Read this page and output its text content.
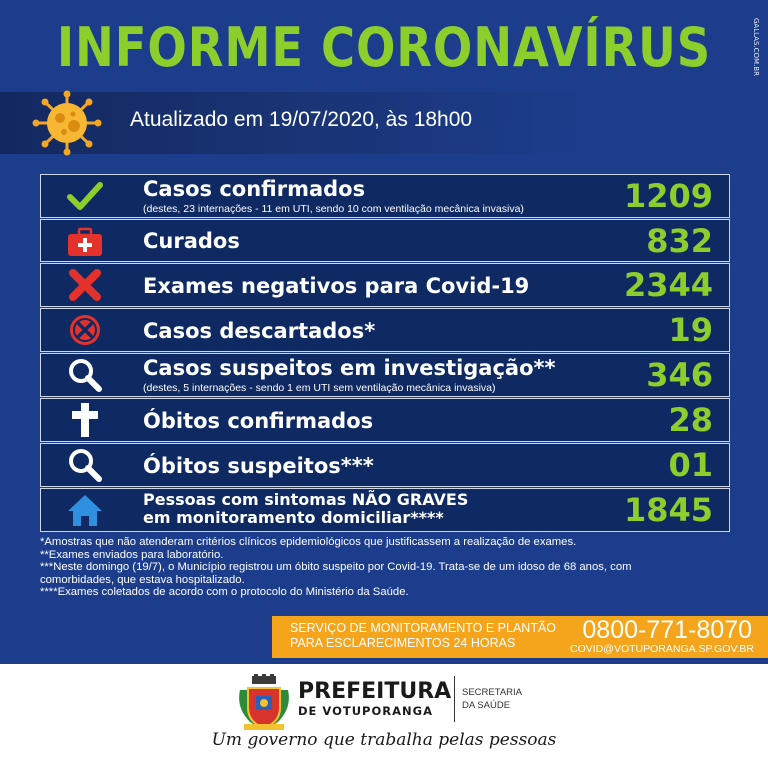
INFORME CORONAVÍRUS	GALLAS.COM.BR
Atualizado em 19/07/2020, às 18h00
Casos confirmados
(destes, 23 internações - 11 em UTI, sendo 10 com ventilação mecânica invasiva)	1209
Curados	832
Exames negativos para Covid-19	2344
Casos descartados*	19
Casos suspeitos em investigação**
(destes, 5 internações - sendo 1 em UTI sem ventilação mecânica invasiva)	346
Óbitos confirmados	28
Óbitos suspeitos***	01
Pessoas com sintomas NÃO GRAVES
em monitoramento domiciliar****	1845
*Amostras que não atenderam critérios clínicos epidemiológicos que justificassem a realização de exames.
**Exames enviados para laboratório.
***Neste domingo (19/7), o Município registrou um óbito suspeito por Covid-19. Trata-se de um idoso de 68 anos, com
comorbidades, que estava hospitalizado.
****Exames coletados de acordo com o protocolo do Ministério da Saúde.
SERVIÇO DE MONITORAMENTO E PLANTÃO
PARA ESCLARECIMENTOS 24 HORAS	0800-771-8070
COVID@VOTUPORANGA.SP.GOV.BR
PREFEITURA
DE VOTUPORANGA
SECRETARIA
DA SAÚDE
Um governo que trabalha pelas pessoas
